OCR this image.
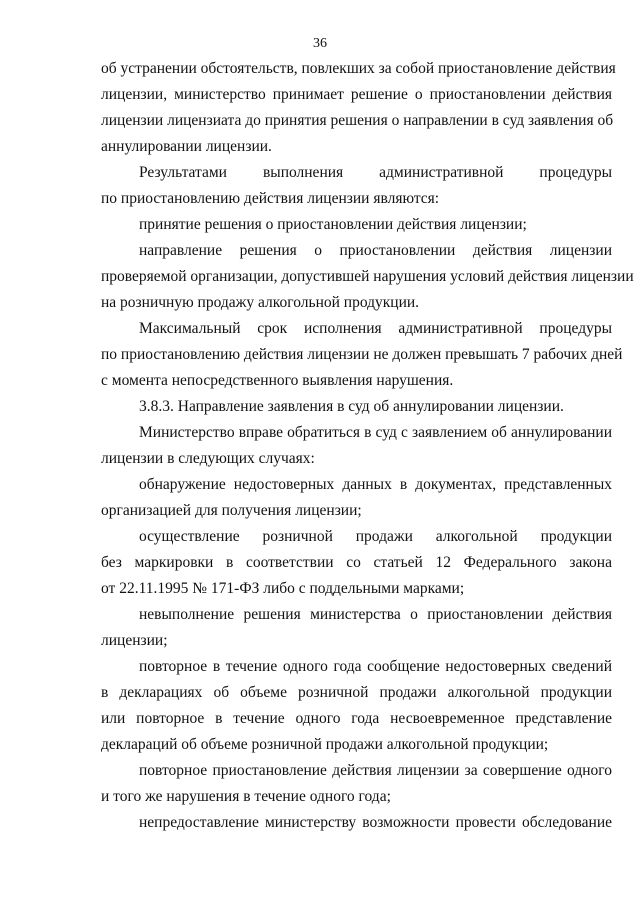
36
об устранении обстоятельств, повлекших за собой приостановление действия
лицензии, министерство принимает решение о приостановлении действия
лицензии лицензиата до принятия решения о направлении в суд заявления об
аннулировании лицензии.
Результатами выполнения административной процедуры
по приостановлению действия лицензии являются:
принятие решения о приостановлении действия лицензии;
направление решения о приостановлении действия лицензии
проверяемой организации, допустившей нарушения условий действия лицензии
на розничную продажу алкогольной продукции.
Максимальный срок исполнения административной процедуры
по приостановлению действия лицензии не должен превышать 7 рабочих дней
с момента непосредственного выявления нарушения.
3.8.3. Направление заявления в суд об аннулировании лицензии.
Министерство вправе обратиться в суд с заявлением об аннулировании
лицензии в следующих случаях:
обнаружение недостоверных данных в документах, представленных
организацией для получения лицензии;
осуществление розничной продажи алкогольной продукции
без маркировки в соответствии со статьей 12 Федерального закона
от 22.11.1995 № 171-ФЗ либо с поддельными марками;
невыполнение решения министерства о приостановлении действия
лицензии;
повторное в течение одного года сообщение недостоверных сведений
в декларациях об объеме розничной продажи алкогольной продукции
или повторное в течение одного года несвоевременное представление
деклараций об объеме розничной продажи алкогольной продукции;
повторное приостановление действия лицензии за совершение одного
и того же нарушения в течение одного года;
непредоставление министерству возможности провести обследование
